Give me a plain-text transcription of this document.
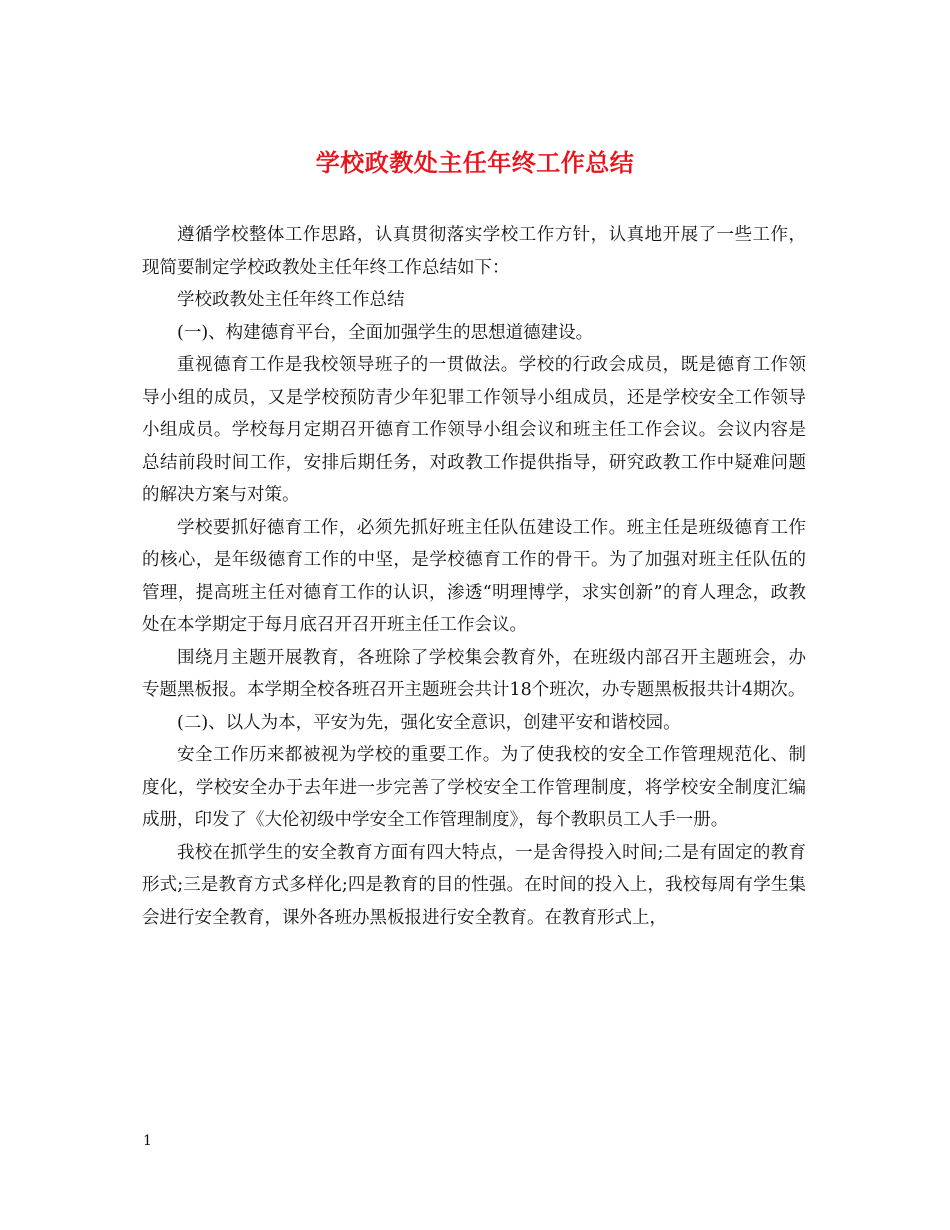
学校政教处主任年终工作总结

遵循学校整体工作思路，认真贯彻落实学校工作方针，认真地开展了一些工作，现简要制定学校政教处主任年终工作总结如下：

学校政教处主任年终工作总结

(一)、构建德育平台，全面加强学生的思想道德建设。

重视德育工作是我校领导班子的一贯做法。学校的行政会成员，既是德育工作领导小组的成员，又是学校预防青少年犯罪工作领导小组成员，还是学校安全工作领导小组成员。学校每月定期召开德育工作领导小组会议和班主任工作会议。会议内容是总结前段时间工作，安排后期任务，对政教工作提供指导，研究政教工作中疑难问题的解决方案与对策。

学校要抓好德育工作，必须先抓好班主任队伍建设工作。班主任是班级德育工作的核心，是年级德育工作的中坚，是学校德育工作的骨干。为了加强对班主任队伍的管理，提高班主任对德育工作的认识，渗透“明理博学，求实创新”的育人理念，政教处在本学期定于每月底召开召开班主任工作会议。

围绕月主题开展教育，各班除了学校集会教育外，在班级内部召开主题班会，办专题黑板报。本学期全校各班召开主题班会共计18个班次，办专题黑板报共计4期次。

(二)、以人为本，平安为先，强化安全意识，创建平安和谐校园。

安全工作历来都被视为学校的重要工作。为了使我校的安全工作管理规范化、制度化，学校安全办于去年进一步完善了学校安全工作管理制度，将学校安全制度汇编成册，印发了《大伦初级中学安全工作管理制度》，每个教职员工人手一册。

我校在抓学生的安全教育方面有四大特点，一是舍得投入时间;二是有固定的教育形式;三是教育方式多样化;四是教育的目的性强。在时间的投入上，我校每周有学生集会进行安全教育，课外各班办黑板报进行安全教育。在教育形式上，

1
